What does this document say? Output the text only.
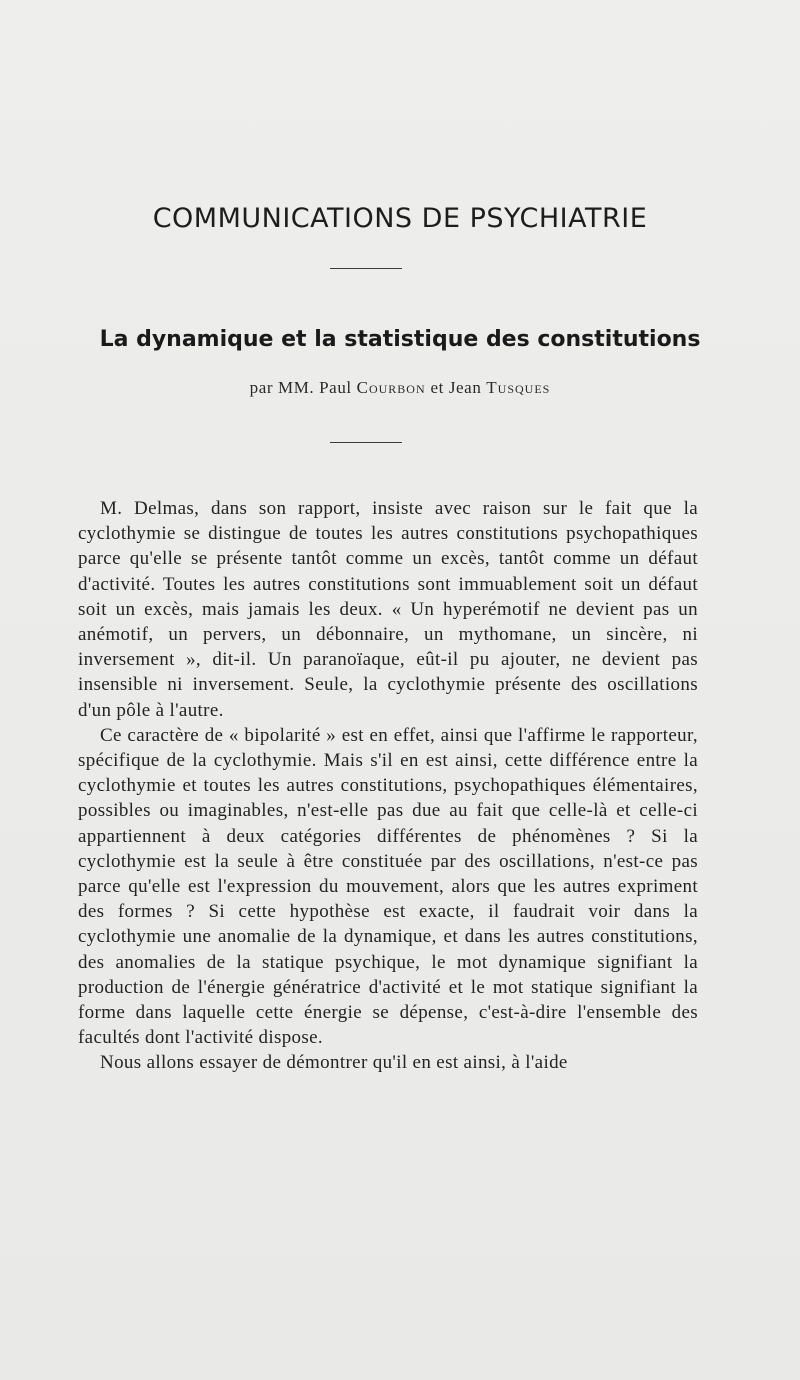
COMMUNICATIONS DE PSYCHIATRIE
La dynamique et la statistique des constitutions
par MM. Paul Courbon et Jean Tusques

M. Delmas, dans son rapport, insiste avec raison sur le fait que la cyclothymie se distingue de toutes les autres constitutions psychopathiques parce qu'elle se présente tantôt comme un excès, tantôt comme un défaut d'activité. Toutes les autres constitutions sont immuablement soit un défaut soit un excès, mais jamais les deux. « Un hyperémotif ne devient pas un anémotif, un pervers, un débonnaire, un mythomane, un sincère, ni inversement », dit-il. Un paranoïaque, eût-il pu ajouter, ne devient pas insensible ni inversement. Seule, la cyclothymie présente des oscillations d'un pôle à l'autre.

Ce caractère de « bipolarité » est en effet, ainsi que l'affirme le rapporteur, spécifique de la cyclothymie. Mais s'il en est ainsi, cette différence entre la cyclothymie et toutes les autres constitutions, psychopathiques élémentaires, possibles ou imaginables, n'est-elle pas due au fait que celle-là et celle-ci appartiennent à deux catégories différentes de phénomènes ? Si la cyclothymie est la seule à être constituée par des oscillations, n'est-ce pas parce qu'elle est l'expression du mouvement, alors que les autres expriment des formes ? Si cette hypothèse est exacte, il faudrait voir dans la cyclothymie une anomalie de la dynamique, et dans les autres constitutions, des anomalies de la statique psychique, le mot dynamique signifiant la production de l'énergie génératrice d'activité et le mot statique signifiant la forme dans laquelle cette énergie se dépense, c'est-à-dire l'ensemble des facultés dont l'activité dispose.

Nous allons essayer de démontrer qu'il en est ainsi, à l'aide
